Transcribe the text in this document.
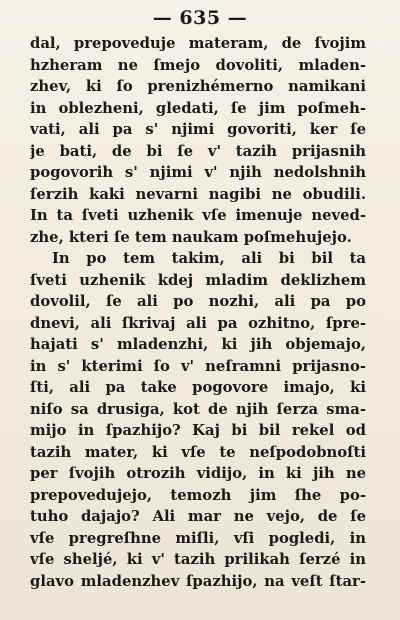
— 635 —
dal, prepoveduje materam, de ſvojim
hzheram ne ſmejo dovoliti, mladen-
zhev, ki ſo prenizhémerno namikani
in oblezheni, gledati, ſe jim poſmeh-
vati, ali pa s' njimi govoriti, ker ſe
je bati, de bi ſe v' tazih prijasnih
pogovorih s' njimi v' njih nedolshnih
ſerzih kaki nevarni nagibi ne obudili.
In ta ſveti uzhenik vſe imenuje neved-
zhe, kteri ſe tem naukam poſmehujejo.
In po tem takim, ali bi bil ta
ſveti uzhenik kdej mladim deklizhem
dovolil, ſe ali po nozhi, ali pa po
dnevi, ali ſkrivaj ali pa ozhitno, ſpre-
hajati s' mladenzhi, ki jih objemajo,
in s' kterimi ſo v' neſramni prijasno-
ſti, ali pa take pogovore imajo, ki
niſo sa drusiga, kot de njih ſerza sma-
mijo in ſpazhijo? Kaj bi bil rekel od
tazih mater, ki vſe te neſpodobnoſti
per ſvojih otrozih vidijo, in ki jih ne
prepovedujejo, temozh jim ſhe po-
tuho dajajo? Ali mar ne vejo, de ſe
vſe pregreſhne miſli, vſi pogledi, in
vſe sheljé, ki v' tazih prilikah ſerzé in
glavo mladenzhev ſpazhijo, na veſt ſtar-
